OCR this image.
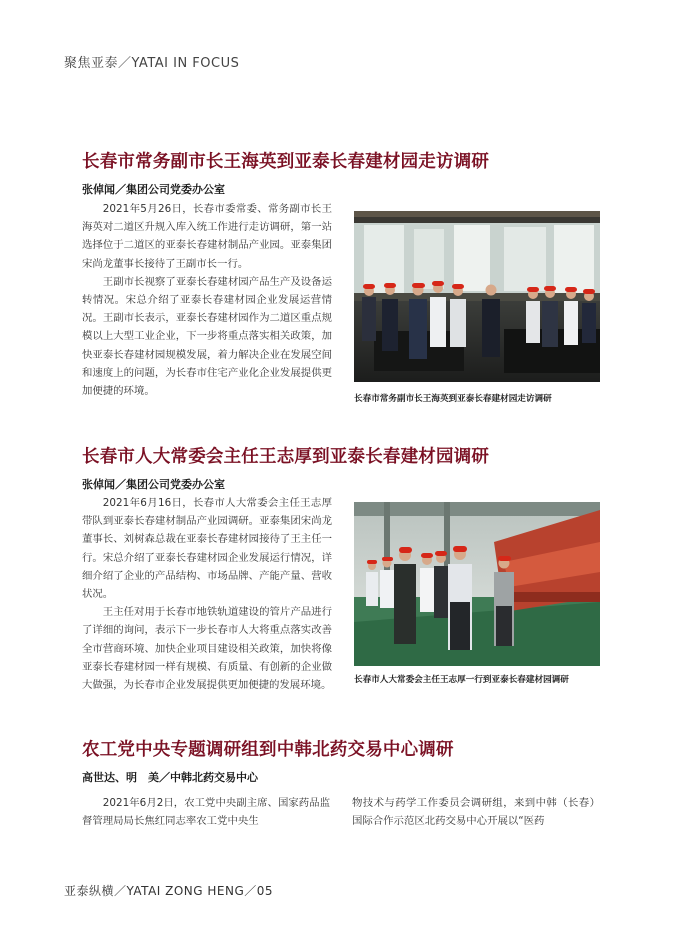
聚焦亚泰／YATAI IN FOCUS
长春市常务副市长王海英到亚泰长春建材园走访调研
张倬闻／集团公司党委办公室

2021年5月26日，长春市委常委、常务副市长王海英对二道区升规入库入统工作进行走访调研，第一站选择位于二道区的亚泰长春建材制品产业园。亚泰集团宋尚龙董事长接待了王副市长一行。

王副市长视察了亚泰长春建材园产品生产及设备运转情况。宋总介绍了亚泰长春建材园企业发展运营情况。王副市长表示，亚泰长春建材园作为二道区重点规模以上大型工业企业，下一步将重点落实相关政策，加快亚泰长春建材园规模发展，着力解决企业在发展空间和速度上的问题，为长春市住宅产业化企业发展提供更加便捷的环境。

长春市常务副市长王海英到亚泰长春建材园走访调研
长春市人大常委会主任王志厚到亚泰长春建材园调研
张倬闻／集团公司党委办公室

2021年6月16日，长春市人大常委会主任王志厚带队到亚泰长春建材制品产业园调研。亚泰集团宋尚龙董事长、刘树森总裁在亚泰长春建材园接待了王主任一行。宋总介绍了亚泰长春建材园企业发展运行情况，详细介绍了企业的产品结构、市场品牌、产能产量、营收状况。

王主任对用于长春市地铁轨道建设的管片产品进行了详细的询问，表示下一步长春市人大将重点落实改善全市营商环境、加快企业项目建设相关政策，加快将像亚泰长春建材园一样有规模、有质量、有创新的企业做大做强，为长春市企业发展提供更加便捷的发展环境。	长春市人大常委会主任王志厚一行到亚泰长春建材园调研
农工党中央专题调研组到中韩北药交易中心调研
高世达、明　美／中韩北药交易中心

2021年6月2日，农工党中央副主席、国家药品监督管理局局长焦红同志率农工党中央生

物技术与药学工作委员会调研组，来到中韩（长春）国际合作示范区北药交易中心开展以“医药

亚泰纵横／YATAI ZONG HENG／05
